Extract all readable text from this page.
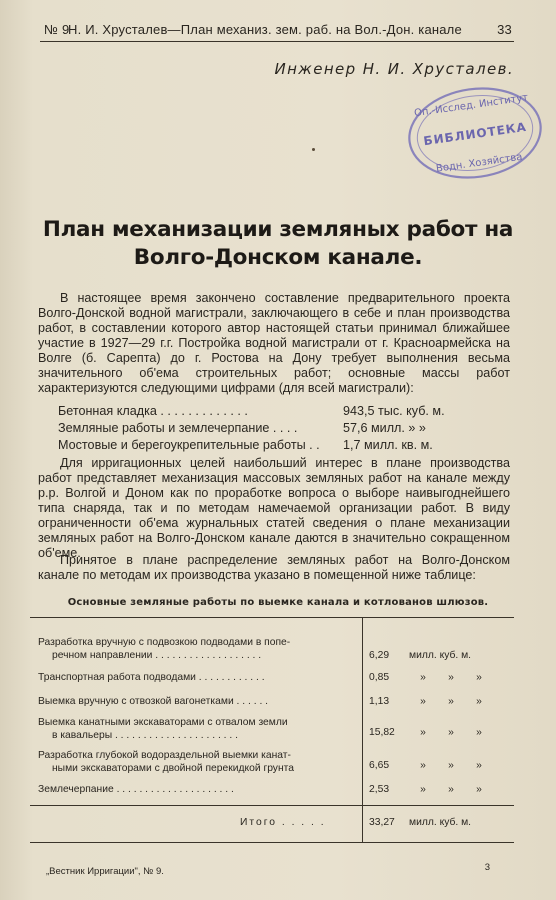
№ 9
Н. И. Хрусталев—План механиз. зем. раб. на Вол.-Дон. канале	33
Инженер Н. И. Хрусталев.
Оп.-Исслед. Институт
БИБЛИОТЕКА
Водн. Хозяйства
План механизации земляных работ на
Волго-Донском канале.

В настоящее время закончено составление предварительного проекта Волго-Донской водной магистрали, заключающего в себе и план производства работ, в составлении которого автор настоящей статьи принимал ближайшее участие в 1927—29 г.г. Постройка водной магистрали от г. Красноармейска на Волге (б. Сарепта) до г. Ростова на Дону требует выполнения весьма значительного об'ема строительных работ; основные массы работ характеризуются следующими цифрами (для всей магистрали):

Бетонная кладка . . . . . . . . . . . . .	943,5 тыс. куб. м.
Земляные работы и землечерпание . . . .	57,6 милл. » »
Мостовые и берегоукрепительные работы . . 1,7 милл. кв. м.

Для ирригационных целей наибольший интерес в плане производства работ представляет механизация массовых земляных работ на канале между р.р. Волгой и Доном как по проработке вопроса о выборе наивыгоднейшего типа снаряда, так и по методам намечаемой организации работ. В виду ограниченности об'ема журнальных статей сведения о плане механизации земляных работ на Волго-Донском канале даются в значительно сокращенном об'еме.

Принятое в плане распределение земляных работ на Волго-Донском канале по методам их производства указано в помещенной ниже таблице:

Основные земляные работы по выемке канала и котлованов шлюзов.
Разработка вручную с подвозкою подводами в попе-
речном направлении . . . . . . . . . . . . . . . . . . .	6,29 милл. куб. м.
Транспортная работа подводами . . . . . . . . . . . .	0,85	» » »
Выемка вручную с отвозкой вагонетками . . . . . .	1,13	» » »
Выемка канатными экскаваторами с отвалом земли
в кавальеры . . . . . . . . . . . . . . . . . . . . . .	15,82 » » »
Разработка глубокой водораздельной выемки канат-
ными экскаваторами с двойной перекидкой грунта	6,65	» » »
Землечерпание . . . . . . . . . . . . . . . . . . . . .	2,53	» » »
Итого . . . . .	33,27 милл. куб. м.
„Вестник Ирригации", № 9.	3
